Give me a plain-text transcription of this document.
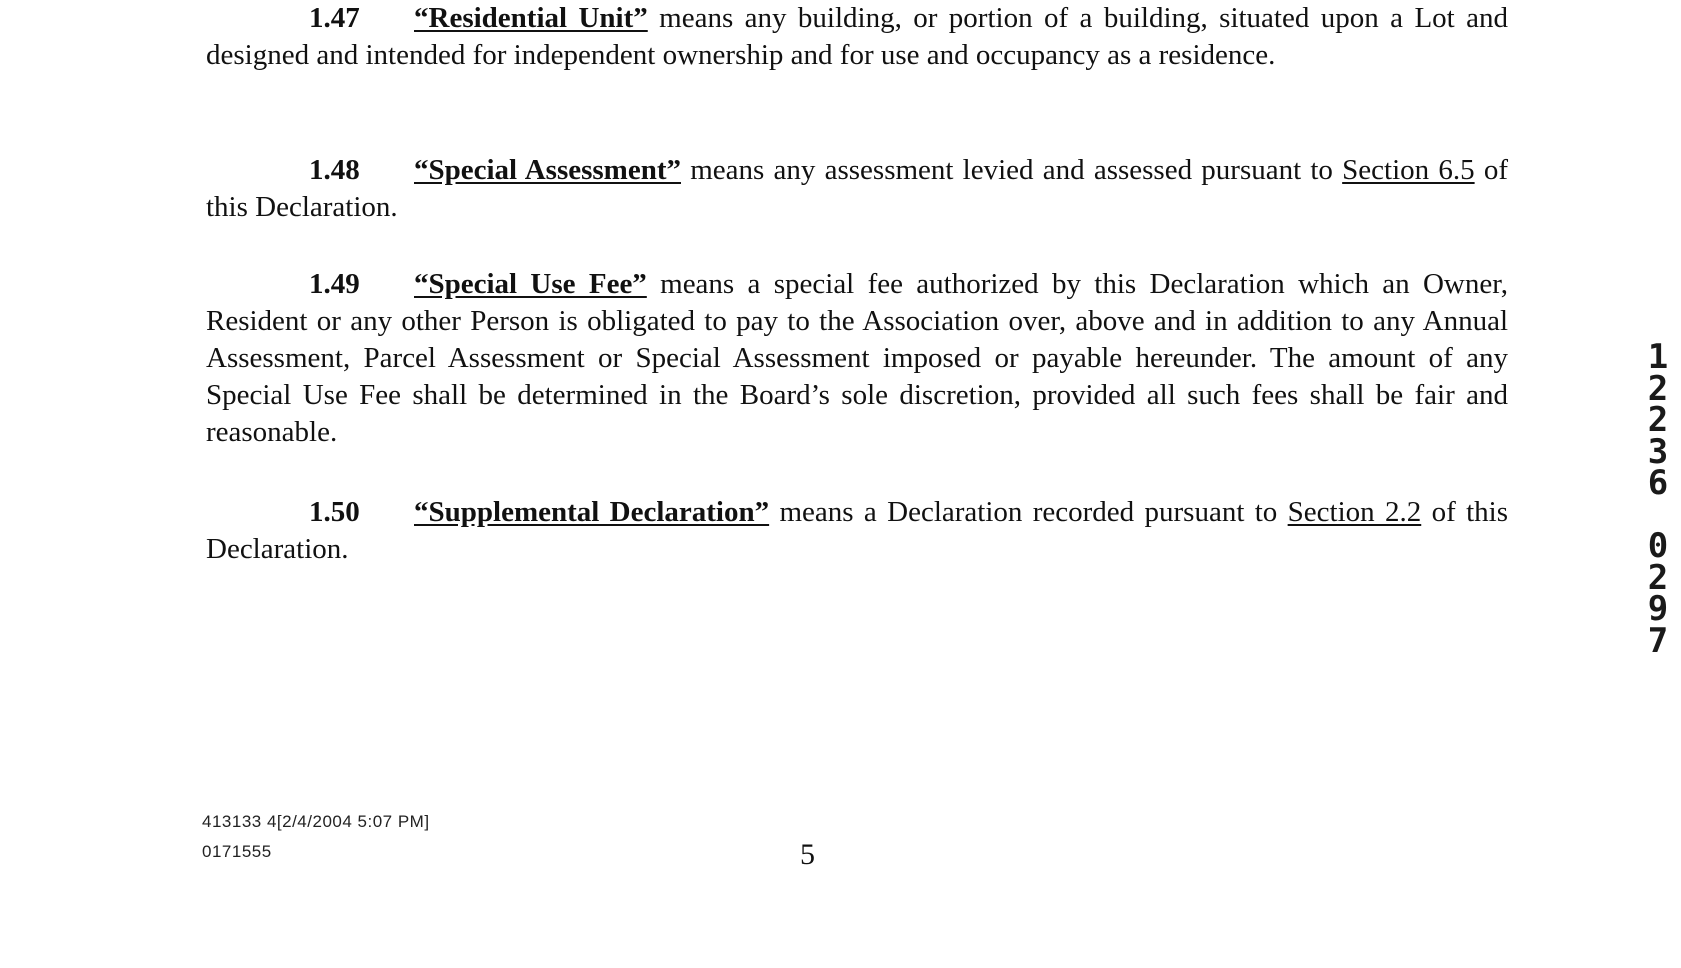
1.47 “Residential Unit” means any building, or portion of a building, situated upon a Lot and designed and intended for independent ownership and for use and occupancy as a residence.
1.48 “Special Assessment” means any assessment levied and assessed pursuant to Section 6.5 of this Declaration.
1.49 “Special Use Fee” means a special fee authorized by this Declaration which an Owner, Resident or any other Person is obligated to pay to the Association over, above and in addition to any Annual Assessment, Parcel Assessment or Special Assessment imposed or payable hereunder. The amount of any Special Use Fee shall be determined in the Board’s sole discretion, provided all such fees shall be fair and reasonable.
1.50 “Supplemental Declaration” means a Declaration recorded pursuant to Section 2.2 of this Declaration.
413133 4[2/4/2004 5:07 PM]
0171555	5
1
2
2
3
6
0
2
9
7
